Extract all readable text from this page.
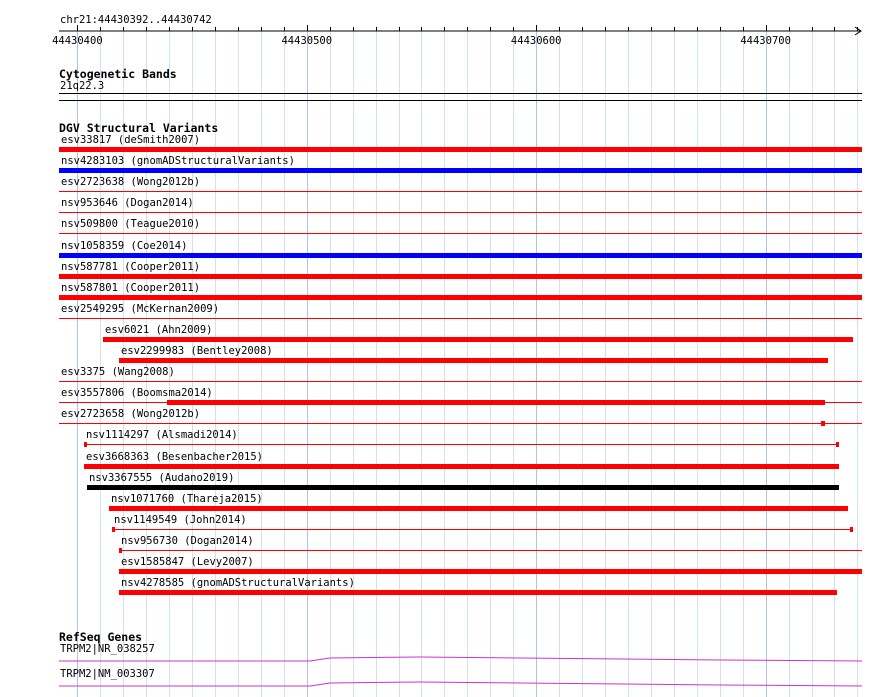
chr21:44430392..44430742
44430400	44430500	44430600	44430700
Cytogenetic Bands
21q22.3
DGV Structural Variants
esv33817 (deSmith2007)
nsv4283103 (gnomADStructuralVariants)
esv2723638 (Wong2012b)
nsv953646 (Dogan2014)
nsv509800 (Teague2010)
nsv1058359 (Coe2014)
nsv587781 (Cooper2011)
nsv587801 (Cooper2011)
esv2549295 (McKernan2009)
esv6021 (Ahn2009)
esv2299983 (Bentley2008)
esv3375 (Wang2008)
esv3557806 (Boomsma2014)
esv2723658 (Wong2012b)
nsv1114297 (Alsmadi2014)
esv3668363 (Besenbacher2015)
nsv3367555 (Audano2019)
nsv1071760 (Thareja2015)
nsv1149549 (John2014)
nsv956730 (Dogan2014)
esv1585847 (Levy2007)
nsv4278585 (gnomADStructuralVariants)
RefSeq Genes
TRPM2|NR_038257
TRPM2|NM_003307
